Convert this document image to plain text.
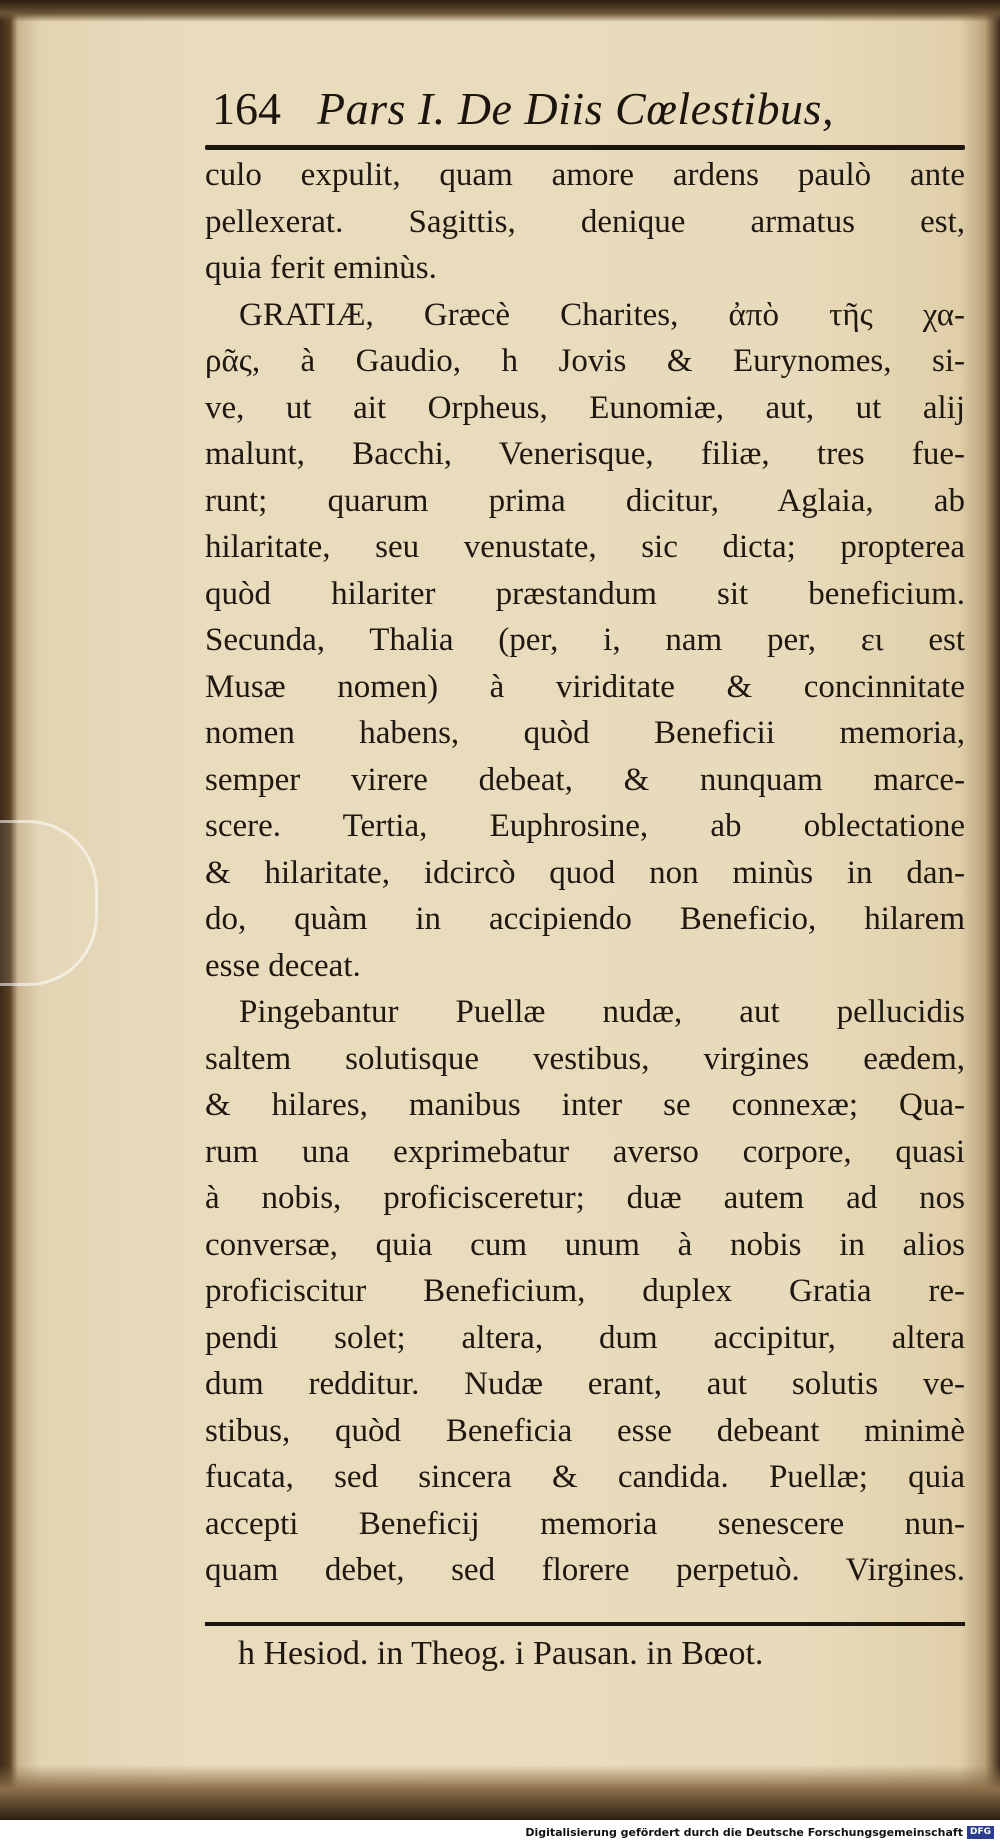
164 Pars I. De Diis Cœlestibus,
culo expulit, quam amore ardens paulò ante
pellexerat. Sagittis, denique armatus est,
quia ferit eminùs.
GRATIÆ, Græcè Charites, ἀπὸ τῆς χα-
ρᾶς, à Gaudio, h Jovis & Eurynomes, si-
ve, ut ait Orpheus, Eunomiæ, aut, ut alij
malunt, Bacchi, Venerisque, filiæ, tres fue-
runt; quarum prima dicitur, Aglaia, ab
hilaritate, seu venustate, sic dicta; propterea
quòd hilariter præstandum sit beneficium.
Secunda, Thalia (per, i, nam per, ει est
Musæ nomen) à viriditate & concinnitate
nomen habens, quòd Beneficii memoria,
semper virere debeat, & nunquam marce-
scere. Tertia, Euphrosine, ab oblectatione
& hilaritate, idcircò quod non minùs in dan-
do, quàm in accipiendo Beneficio, hilarem
esse deceat.
Pingebantur Puellæ nudæ, aut pellucidis
saltem solutisque vestibus, virgines eædem,
& hilares, manibus inter se connexæ; Qua-
rum una exprimebatur averso corpore, quasi
à nobis, proficisceretur; duæ autem ad nos
conversæ, quia cum unum à nobis in alios
proficiscitur Beneficium, duplex Gratia re-
pendi solet; altera, dum accipitur, altera
dum redditur. Nudæ erant, aut solutis ve-
stibus, quòd Beneficia esse debeant minimè
fucata, sed sincera & candida. Puellæ; quia
accepti Beneficij memoria senescere nun-
quam debet, sed florere perpetuò. Virgines.
h Hesiod. in Theog. i Pausan. in Bœot.
Digitalisierung gefördert durch die Deutsche Forschungsgemeinschaft DFG
